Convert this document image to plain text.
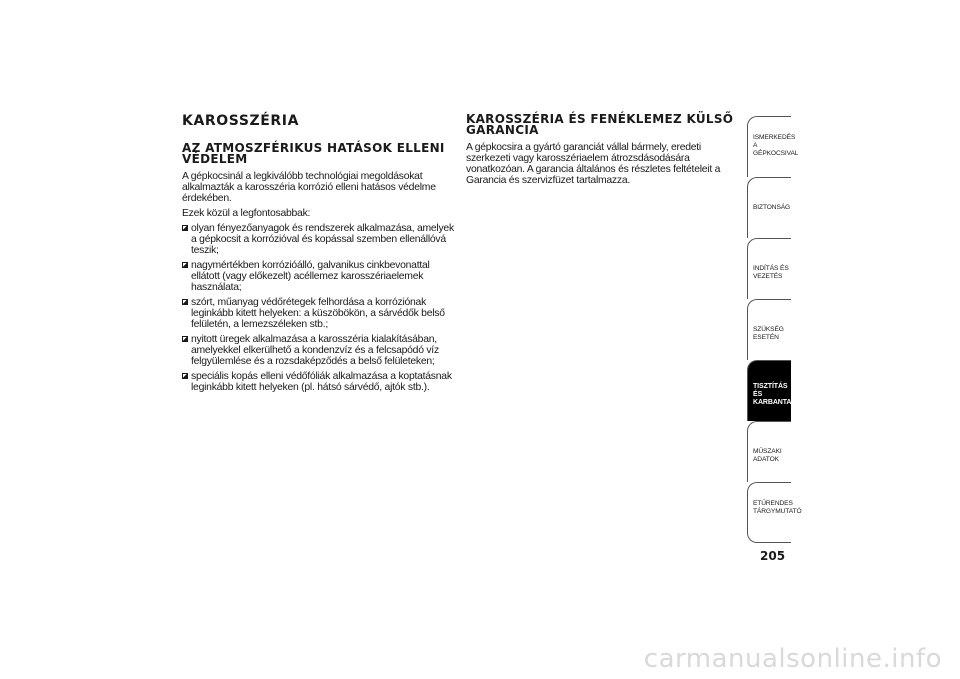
KAROSSZÉRIA
AZ ATMOSZFÉRIKUS HATÁSOK ELLENI
VÉDELEM

A gépkocsinál a legkiválóbb technológiai megoldásokat alkalmazták a karosszéria korrózió elleni hatásos védelme érdekében.

Ezek közül a legfontosabbak:

olyan fényezőanyagok és rendszerek alkalmazása, amelyek a gépkocsit a korrózióval és kopással szemben ellenállóvá teszik;
nagymértékben korrózióálló, galvanikus cinkbevonattal ellátott (vagy előkezelt) acéllemez karosszériaelemek használata;
szórt, műanyag védőrétegek felhordása a korróziónak leginkább kitett helyeken: a küszöbökön, a sárvédők belső felületén, a lemezszéleken stb.;
nyitott üregek alkalmazása a karosszéria kialakításában, amelyekkel elkerülhető a kondenzvíz és a felcsapódó víz felgyülemlése és a rozsdaképződés a belső felületeken;
speciális kopás elleni védőfóliák alkalmazása a koptatásnak leginkább kitett helyeken (pl. hátsó sárvédő, ajtók stb.).
KAROSSZÉRIA ÉS FENÉKLEMEZ KÜLSŐ
GARANCIA

A gépkocsira a gyártó garanciát vállal bármely, eredeti szerkezeti vagy karosszériaelem átrozsdásodására vonatkozóan. A garancia általános és részletes feltételeit a Garancia és szervizfüzet tartalmazza.

ISMERKEDÉS A
GÉPKOCSIVAL
BIZTONSÁG
INDÍTÁS ÉS VEZETÉS
SZÜKSÉG ESETÉN
TISZTÍTÁS ÉS
KARBANTARTÁS
MŰSZAKI ADATOK
ETŰRENDES
TÁRGYMUTATÓ
205
carmanualsonline.info
